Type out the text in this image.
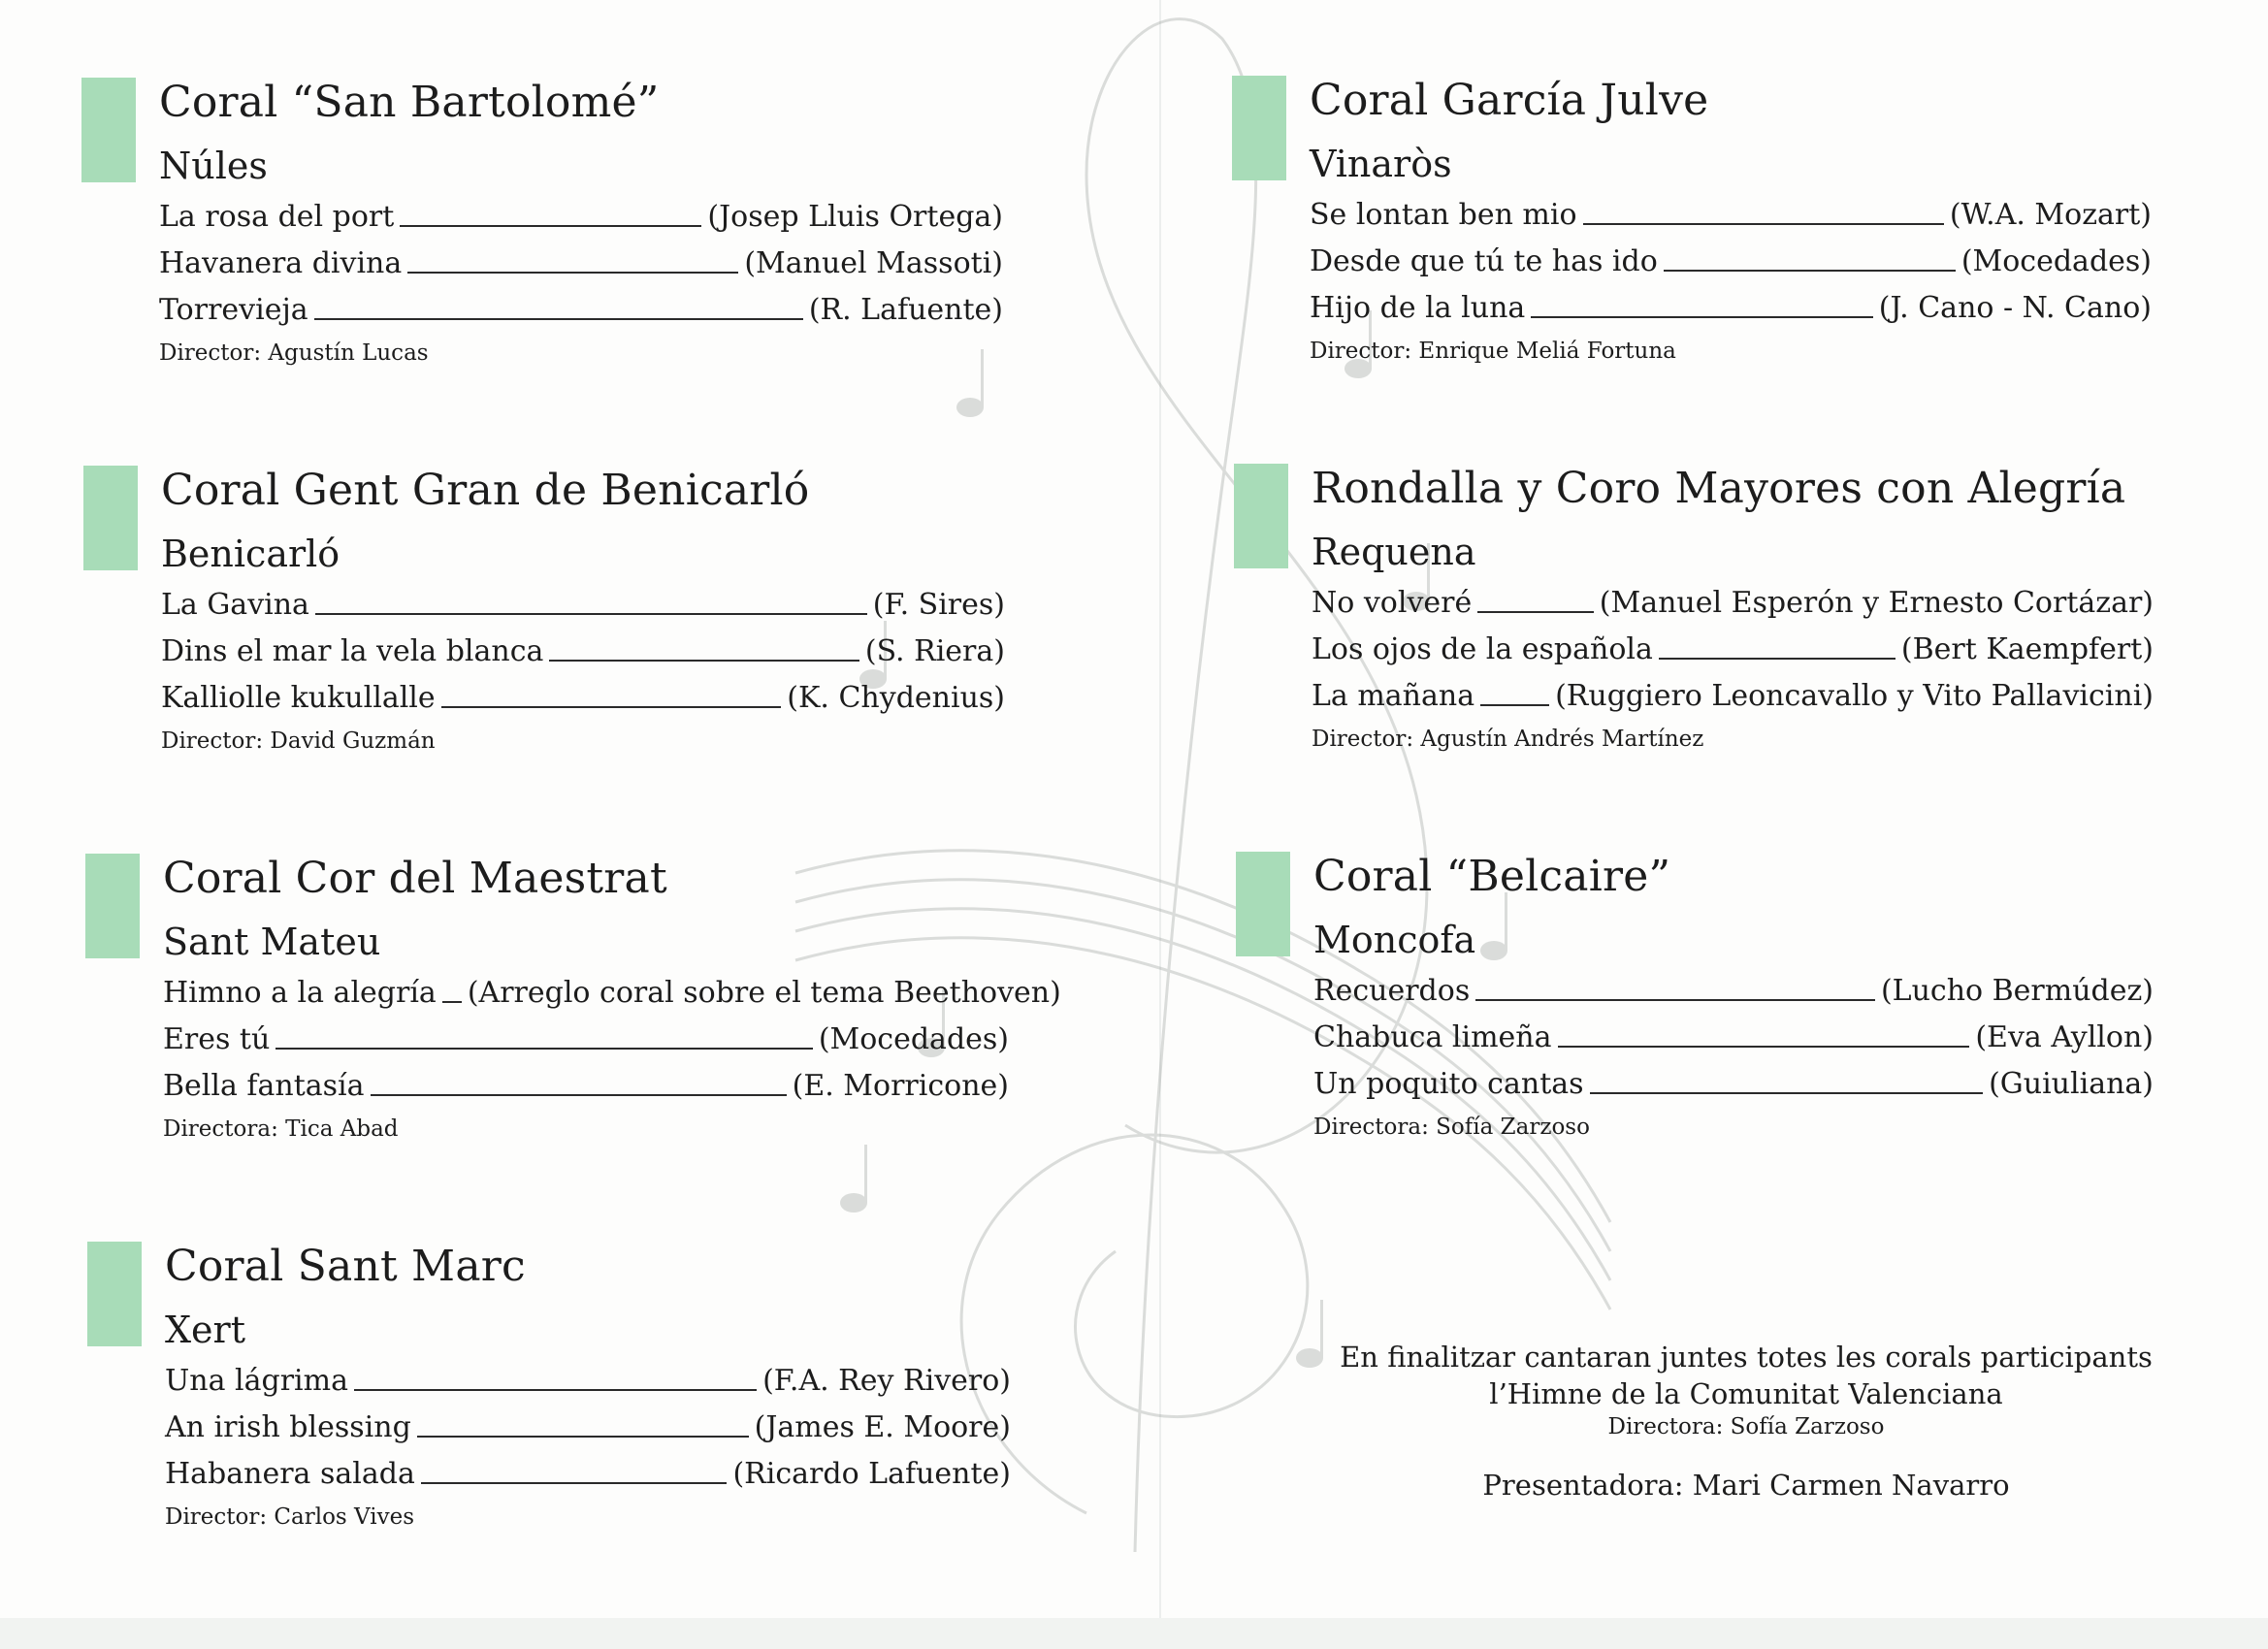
Coral “San Bartolomé”
Núles
La rosa del port	(Josep Lluis Ortega)
Havanera divina	(Manuel Massoti)
Torrevieja	(R. Lafuente)
Director: Agustín Lucas
Coral Gent Gran de Benicarló
Benicarló
La Gavina	(F. Sires)
Dins el mar la vela blanca	(S. Riera)
Kalliolle kukullalle	(K. Chydenius)
Director: David Guzmán
Coral Cor del Maestrat
Sant Mateu
Himno a la alegría (Arreglo coral sobre el tema Beethoven)
Eres tú	(Mocedades)
Bella fantasía	(E. Morricone)
Directora: Tica Abad
Coral Sant Marc
Xert
Una lágrima	(F.A. Rey Rivero)
An irish blessing	(James E. Moore)
Habanera salada	(Ricardo Lafuente)
Director: Carlos Vives
Coral García Julve
Vinaròs
Se lontan ben mio	(W.A. Mozart)
Desde que tú te has ido	(Mocedades)
Hijo de la luna	(J. Cano - N. Cano)
Director: Enrique Meliá Fortuna
Rondalla y Coro Mayores con Alegría
Requena
No volveré	(Manuel Esperón y Ernesto Cortázar)
Los ojos de la española	(Bert Kaempfert)
La mañana	(Ruggiero Leoncavallo y Vito Pallavicini)
Director: Agustín Andrés Martínez
Coral “Belcaire”
Moncofa
Recuerdos	(Lucho Bermúdez)
Chabuca limeña	(Eva Ayllon)
Un poquito cantas	(Guiuliana)
Directora: Sofía Zarzoso
En finalitzar cantaran juntes totes les corals participants
l’Himne de la Comunitat Valenciana
Directora: Sofía Zarzoso
Presentadora: Mari Carmen Navarro
